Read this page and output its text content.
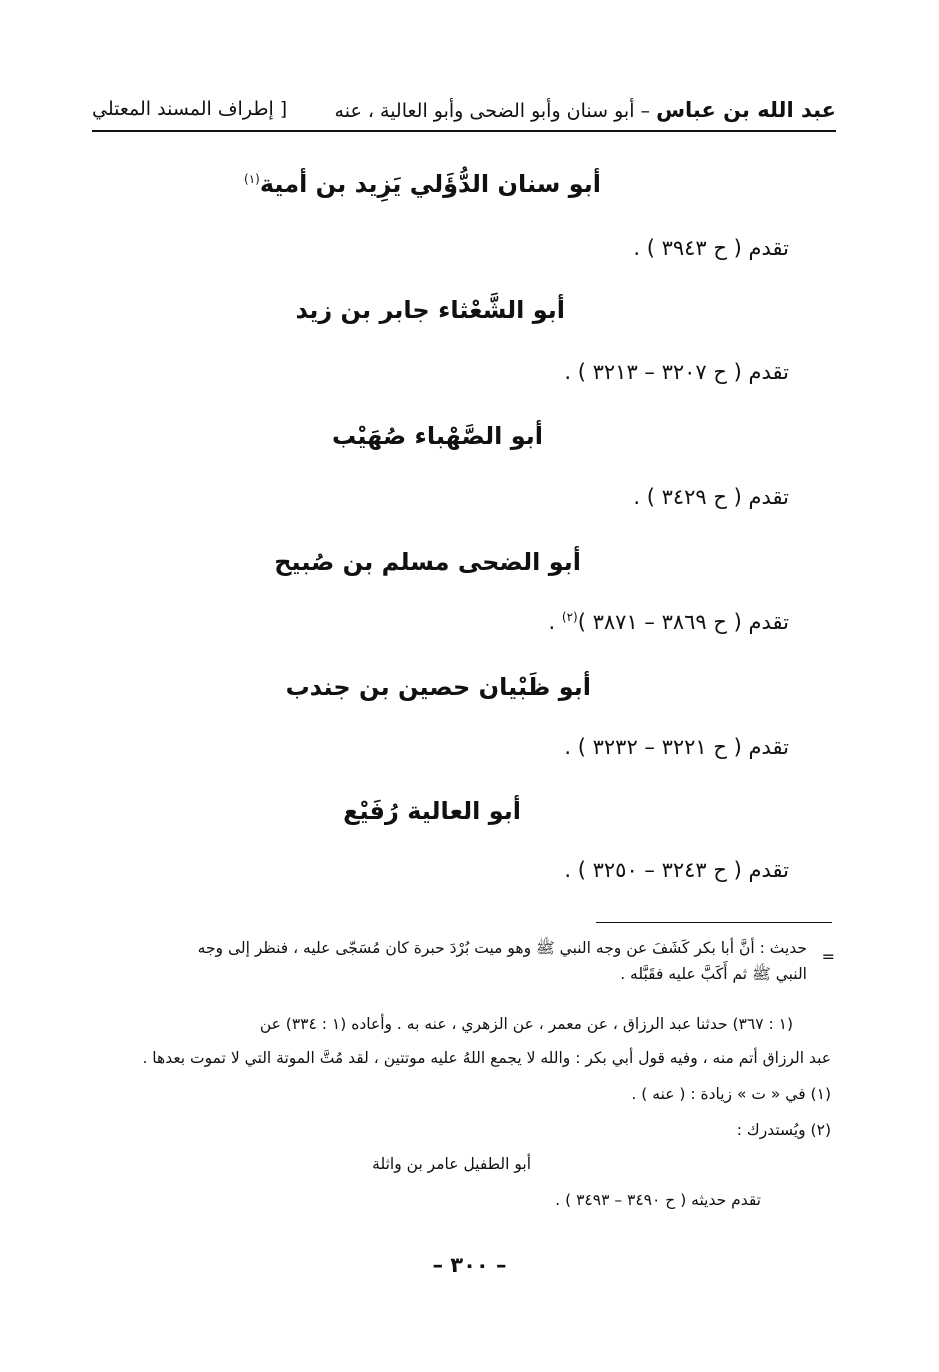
عبد الله بن عباس – أبو سنان وأبو الضحى وأبو العالية ، عنه
[ إطراف المسند المعتلي
أبو سنان الدُّؤَلي يَزِيد بن أمية$^{(١)}$
تقدم ( ح ٣٩٤٣ ) .
أبو الشَّعْثاء جابر بن زيد
تقدم ( ح ٣٢٠٧ – ٣٢١٣ ) .
أبو الصَّهْباء صُهَيْب
تقدم ( ح ٣٤٢٩ ) .
أبو الضحى مسلم بن صُبيح
تقدم ( ح ٣٨٦٩ – ٣٨٧١ )$^{(٢)}$ .
أبو ظَبْيان حصين بن جندب
تقدم ( ح ٣٢٢١ – ٣٢٣٢ ) .
أبو العالية رُفَيْع
تقدم ( ح ٣٢٤٣ – ٣٢٥٠ ) .
=
حديث : أنَّ أبا بكر كَشَفَ عن وجه النبي ﷺ وهو ميت بُرْدَ حبرة كان مُسَجّى عليه ، فنظر إلى وجه
النبي ﷺ ثم أَكَبَّ عليه فقَبَّله .
(١ : ٣٦٧) حدثنا عبد الرزاق ، عن معمر ، عن الزهري ، عنه به . وأعاده (١ : ٣٣٤) عن
عبد الرزاق أتم منه ، وفيه قول أبي بكر : والله لا يجمع اللهُ عليه موتتين ، لقد مُتَّ الموتة التي لا تموت بعدها .
(١) في « ت » زيادة : ( عنه ) .
(٢) ويُستدرك :
أبو الطفيل عامر بن واثلة
تقدم حديثه ( ح ٣٤٩٠ – ٣٤٩٣ ) .
– ٣٠٠ –
